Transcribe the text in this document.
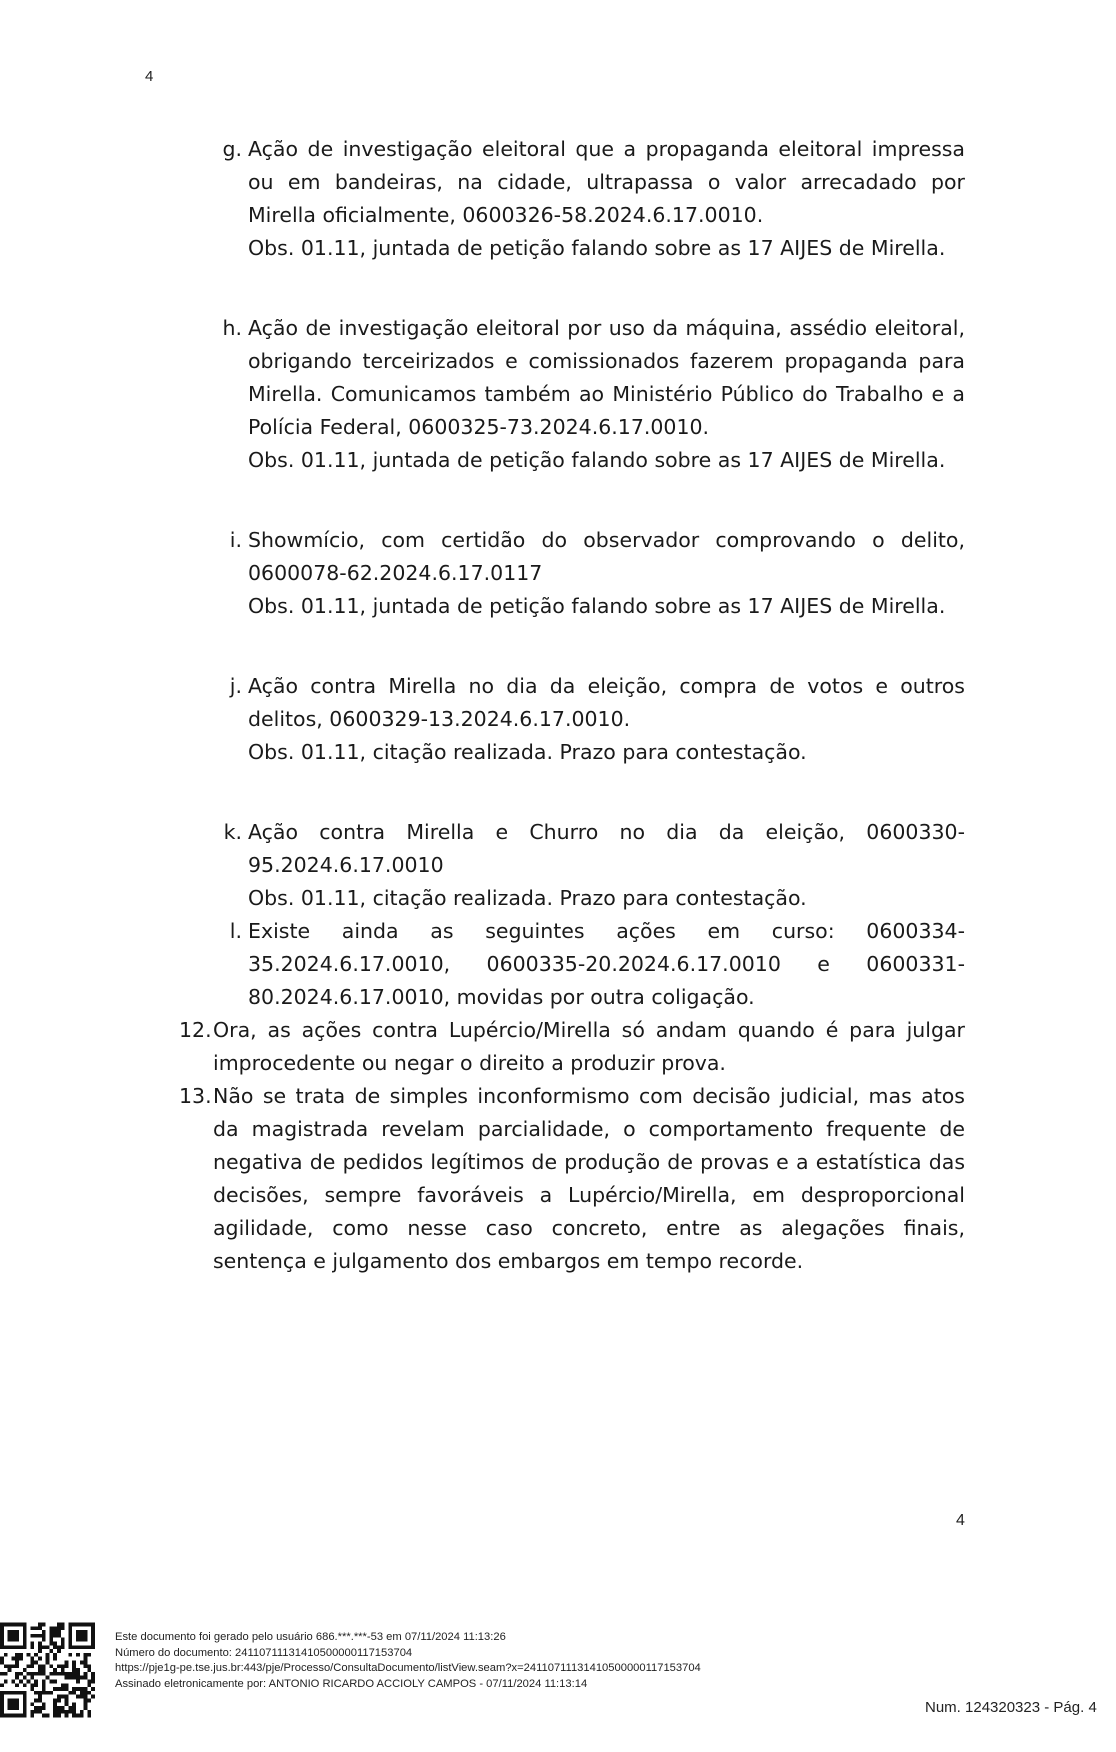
4
g. Ação de investigação eleitoral que a propaganda eleitoral impressa ou em bandeiras, na cidade, ultrapassa o valor arrecadado por Mirella oficialmente, 0600326-58.2024.6.17.0010.

Obs. 01.11, juntada de petição falando sobre as 17 AIJES de Mirella.

h. Ação de investigação eleitoral por uso da máquina, assédio eleitoral, obrigando terceirizados e comissionados fazerem propaganda para Mirella. Comunicamos também ao Ministério Público do Trabalho e a Polícia Federal, 0600325-73.2024.6.17.0010.

Obs. 01.11, juntada de petição falando sobre as 17 AIJES de Mirella.

i. Showmício, com certidão do observador comprovando o delito, 0600078-62.2024.6.17.0117

Obs. 01.11, juntada de petição falando sobre as 17 AIJES de Mirella.

j. Ação contra Mirella no dia da eleição, compra de votos e outros delitos, 0600329-13.2024.6.17.0010.

Obs. 01.11, citação realizada. Prazo para contestação.

k. Ação contra Mirella e Churro no dia da eleição, 0600330-95.2024.6.17.0010

Obs. 01.11, citação realizada. Prazo para contestação.

l. Existe ainda as seguintes ações em curso: 0600334-35.2024.6.17.0010, 0600335-20.2024.6.17.0010 e 0600331-80.2024.6.17.0010, movidas por outra coligação.

12. Ora, as ações contra Lupércio/Mirella só andam quando é para julgar improcedente ou negar o direito a produzir prova.
13. Não se trata de simples inconformismo com decisão judicial, mas atos da magistrada revelam parcialidade, o comportamento frequente de negativa de pedidos legítimos de produção de provas e a estatística das decisões, sempre favoráveis a Lupércio/Mirella, em desproporcional agilidade, como nesse caso concreto, entre as alegações finais, sentença e julgamento dos embargos em tempo recorde.
4
Este documento foi gerado pelo usuário 686.***.***-53 em 07/11/2024 11:13:26
Número do documento: 24110711131410500000117153704
https://pje1g-pe.tse.jus.br:443/pje/Processo/ConsultaDocumento/listView.seam?x=24110711131410500000117153704
Assinado eletronicamente por: ANTONIO RICARDO ACCIOLY CAMPOS - 07/11/2024 11:13:14
Num. 124320323 - Pág. 4
